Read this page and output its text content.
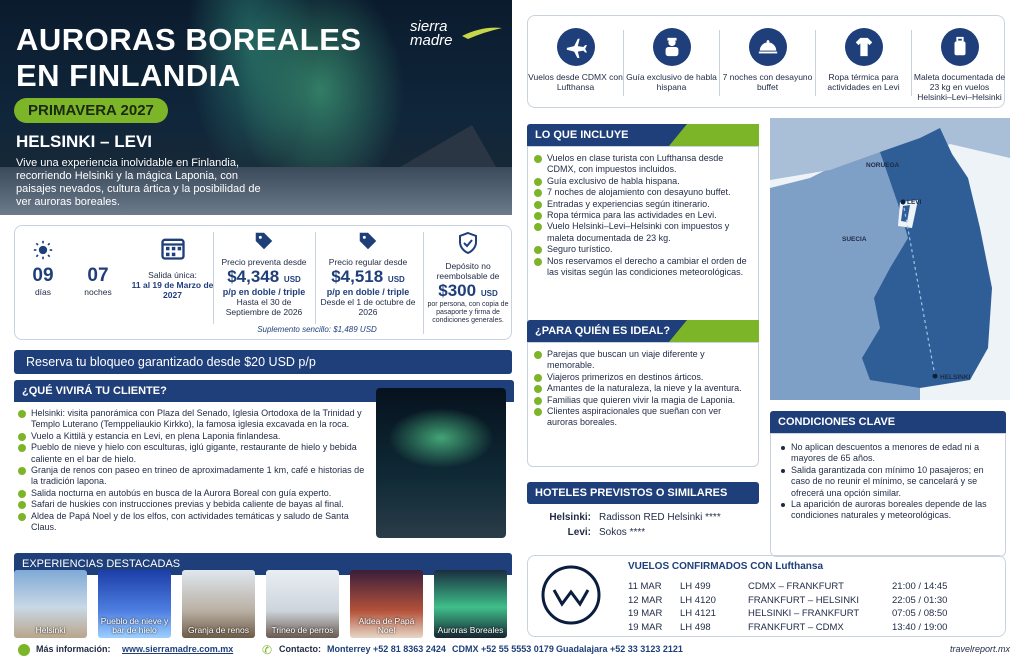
AURORAS BOREALES
EN FINLANDIA
PRIMAVERA 2027
HELSINKI – LEVI
Vive una experiencia inolvidable en Finlandia, recorriendo Helsinki y la mágica Laponia, con paisajes nevados, cultura ártica y la posibilidad de ver auroras boreales.
sierra
madre
Vuelos desde CDMX con Lufthansa
Guía exclusivo de habla hispana
7 noches con desayuno buffet
Ropa térmica para actividades en Levi
Maleta documentada de 23 kg en vuelos Helsinki–Levi–Helsinki
09
días
07
noches
Salida única:
11 al 19 de Marzo de 2027
Precio preventa desde
$4,348 USD
p/p en doble / triple
Hasta el 30 de Septiembre de 2026
Precio regular desde
$4,518 USD
p/p en doble / triple
Desde el 1 de octubre de 2026
Suplemento sencillo: $1,489 USD
Depósito no reembolsable de
$300 USD
por persona, con copia de pasaporte y firma de condiciones generales.
Reserva tu bloqueo garantizado desde $20 USD p/p
¿QUÉ VIVIRÁ TU CLIENTE?
Helsinki: visita panorámica con Plaza del Senado, Iglesia Ortodoxa de la Trinidad y Templo Luterano (Temppeliaukio Kirkko), la famosa iglesia excavada en la roca.
Vuelo a Kittilä y estancia en Levi, en plena Laponia finlandesa.
Pueblo de nieve y hielo con esculturas, iglú gigante, restaurante de hielo y bebida caliente en el bar de hielo.
Granja de renos con paseo en trineo de aproximadamente 1 km, café e historias de la tradición lapona.
Salida nocturna en autobús en busca de la Aurora Boreal con guía experto.
Safari de huskies con instrucciones previas y bebida caliente de bayas al final.
Aldea de Papá Noel y de los elfos, con actividades temáticas y saludo de Santa Claus.
EXPERIENCIAS DESTACADAS
Helsinki
Pueblo de nieve y bar de hielo	Granja de renos	Trineo de perros
Aldea de Papá Noel	Auroras Boreales
LO QUE INCLUYE
Vuelos en clase turista con Lufthansa desde CDMX, con impuestos incluidos.
Guía exclusivo de habla hispana.
7 noches de alojamiento con desayuno buffet.
Entradas y experiencias según itinerario.
Ropa térmica para las actividades en Levi.
Vuelo Helsinki–Levi–Helsinki con impuestos y maleta documentada de 23 kg.
Seguro turístico.
Nos reservamos el derecho a cambiar el orden de las visitas según las condiciones meteorológicas.
¿PARA QUIÉN ES IDEAL?
Parejas que buscan un viaje diferente y memorable.
Viajeros primerizos en destinos árticos.
Amantes de la naturaleza, la nieve y la aventura.
Familias que quieren vivir la magia de Laponia.
Clientes aspiracionales que sueñan con ver auroras boreales.
HOTELES PREVISTOS O SIMILARES
Helsinki: Radisson RED Helsinki ****
Levi: Sokos ****
NORUEGA
SUECIA
LEVI
HELSINKI
CONDICIONES CLAVE
No aplican descuentos a menores de edad ni a mayores de 65 años.
Salida garantizada con mínimo 10 pasajeros; en caso de no reunir el mínimo, se cancelará y se ofrecerá una opción similar.
La aparición de auroras boreales depende de las condiciones naturales y meteorológicas.
VUELOS CONFIRMADOS CON Lufthansa
11 MAR	LH 499	CDMX – FRANKFURT	21:00 / 14:45
12 MAR	LH 4120	FRANKFURT – HELSINKI	22:05 / 01:30
19 MAR	LH 4121	HELSINKI – FRANKFURT	07:05 / 08:50
19 MAR	LH 498	FRANKFURT – CDMX	13:40 / 19:00
Más información: www.sierramadre.com.mx ✆ Contacto: Monterrey +52 81 8363 2424 CDMX +52 55 5553 0179 Guadalajara +52 33 3123 2121	travelreport.mx
